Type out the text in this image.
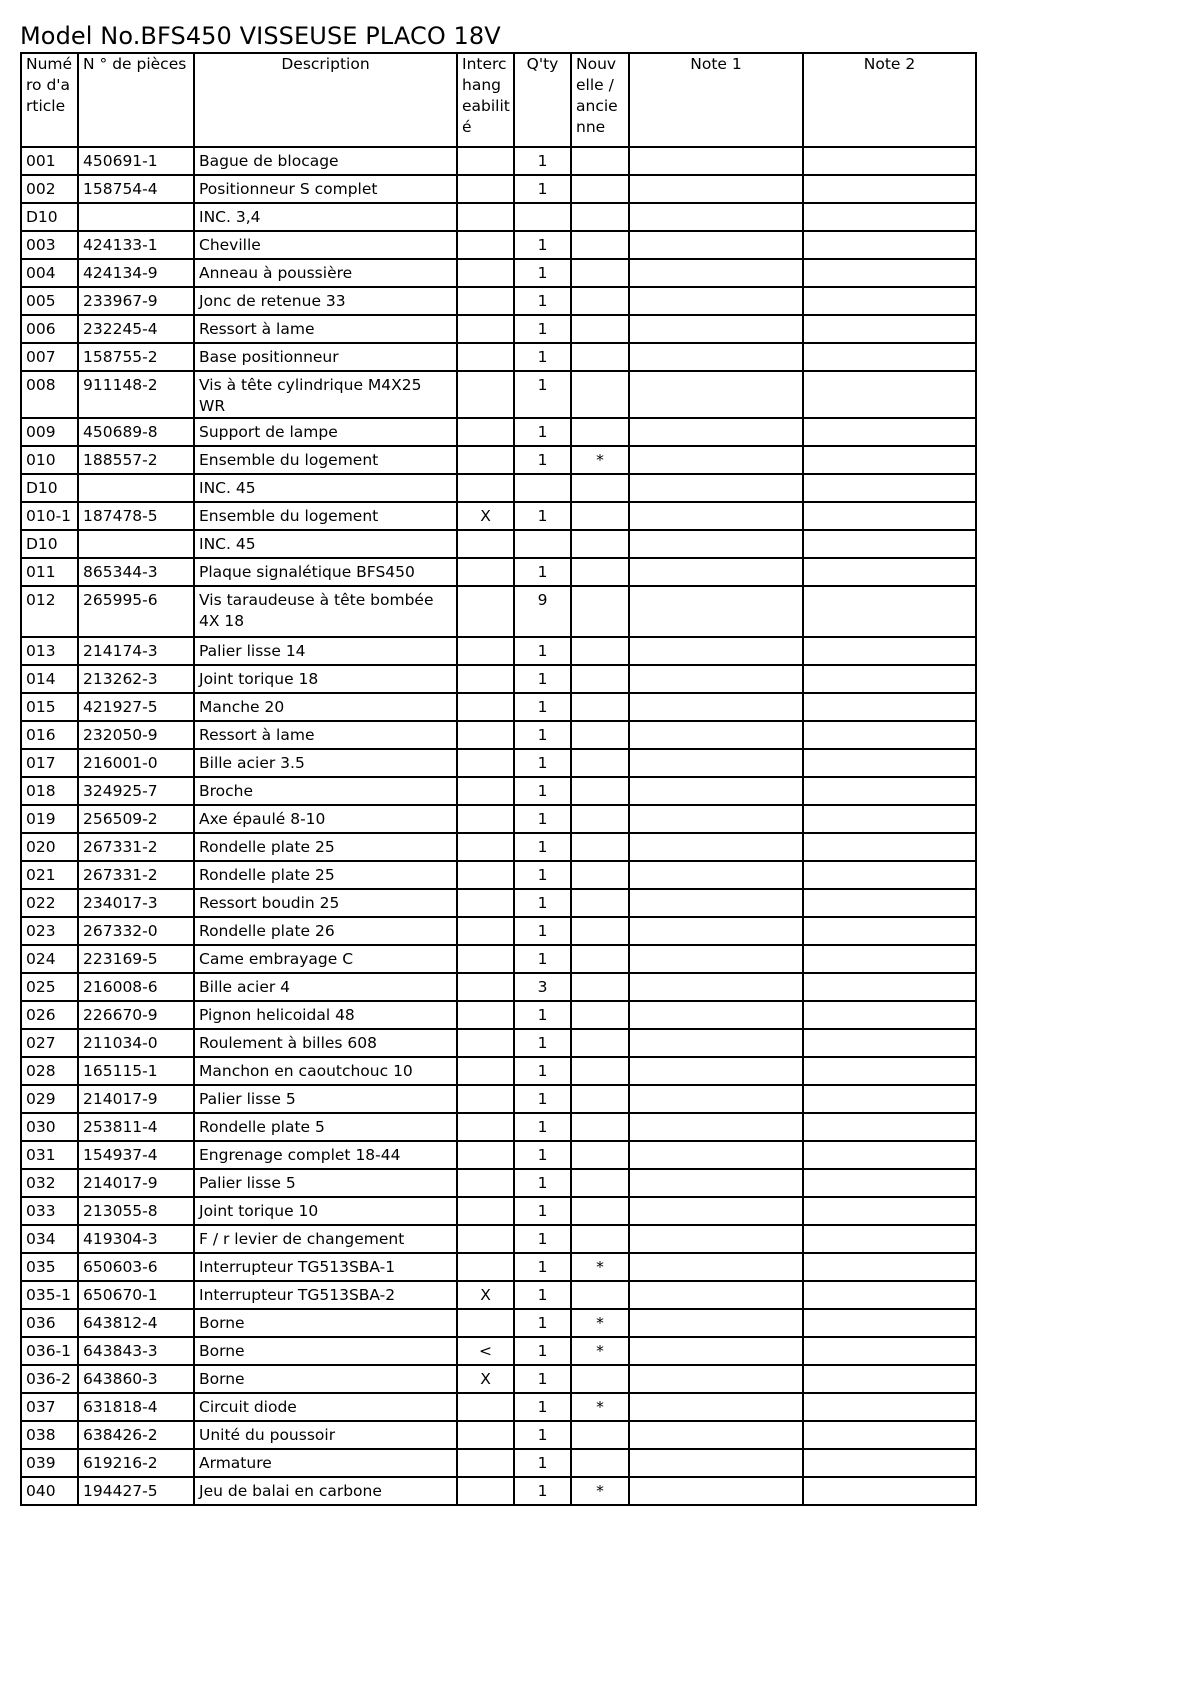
Model No.BFS450 VISSEUSE PLACO 18V
Numé ro d'a rticle	N ° de pièces	Description	Interc hang eabilit é	Q'ty	Nouv elle / ancie nne	Note 1	Note 2
001	450691-1	Bague de blocage		1			
002	158754-4	Positionneur S complet		1			
D10		INC. 3,4					
003	424133-1	Cheville		1			
004	424134-9	Anneau à poussière		1			
005	233967-9	Jonc de retenue 33		1			
006	232245-4	Ressort à lame		1			
007	158755-2	Base positionneur		1			
008	911148-2	Vis à tête cylindrique M4X25 WR		1			
009	450689-8	Support de lampe		1			
010	188557-2	Ensemble du logement		1	*		
D10		INC. 45					
010-1	187478-5	Ensemble du logement	X	1			
D10		INC. 45					
011	865344-3	Plaque signalétique BFS450		1			
012	265995-6	Vis taraudeuse à tête bombée 4X 18		9			
013	214174-3	Palier lisse 14		1			
014	213262-3	Joint torique 18		1			
015	421927-5	Manche 20		1			
016	232050-9	Ressort à lame		1			
017	216001-0	Bille acier 3.5		1			
018	324925-7	Broche		1			
019	256509-2	Axe épaulé 8-10		1			
020	267331-2	Rondelle plate 25		1			
021	267331-2	Rondelle plate 25		1			
022	234017-3	Ressort boudin 25		1			
023	267332-0	Rondelle plate 26		1			
024	223169-5	Came embrayage C		1			
025	216008-6	Bille acier 4		3			
026	226670-9	Pignon helicoidal 48		1			
027	211034-0	Roulement à billes 608		1			
028	165115-1	Manchon en caoutchouc 10		1			
029	214017-9	Palier lisse 5		1			
030	253811-4	Rondelle plate 5		1			
031	154937-4	Engrenage complet 18-44		1			
032	214017-9	Palier lisse 5		1			
033	213055-8	Joint torique 10		1			
034	419304-3	F / r levier de changement		1			
035	650603-6	Interrupteur TG513SBA-1		1	*		
035-1	650670-1	Interrupteur TG513SBA-2	X	1			
036	643812-4	Borne		1	*		
036-1	643843-3	Borne	<	1	*		
036-2	643860-3	Borne	X	1			
037	631818-4	Circuit diode		1	*		
038	638426-2	Unité du poussoir		1			
039	619216-2	Armature		1			
040	194427-5	Jeu de balai en carbone		1	*		
